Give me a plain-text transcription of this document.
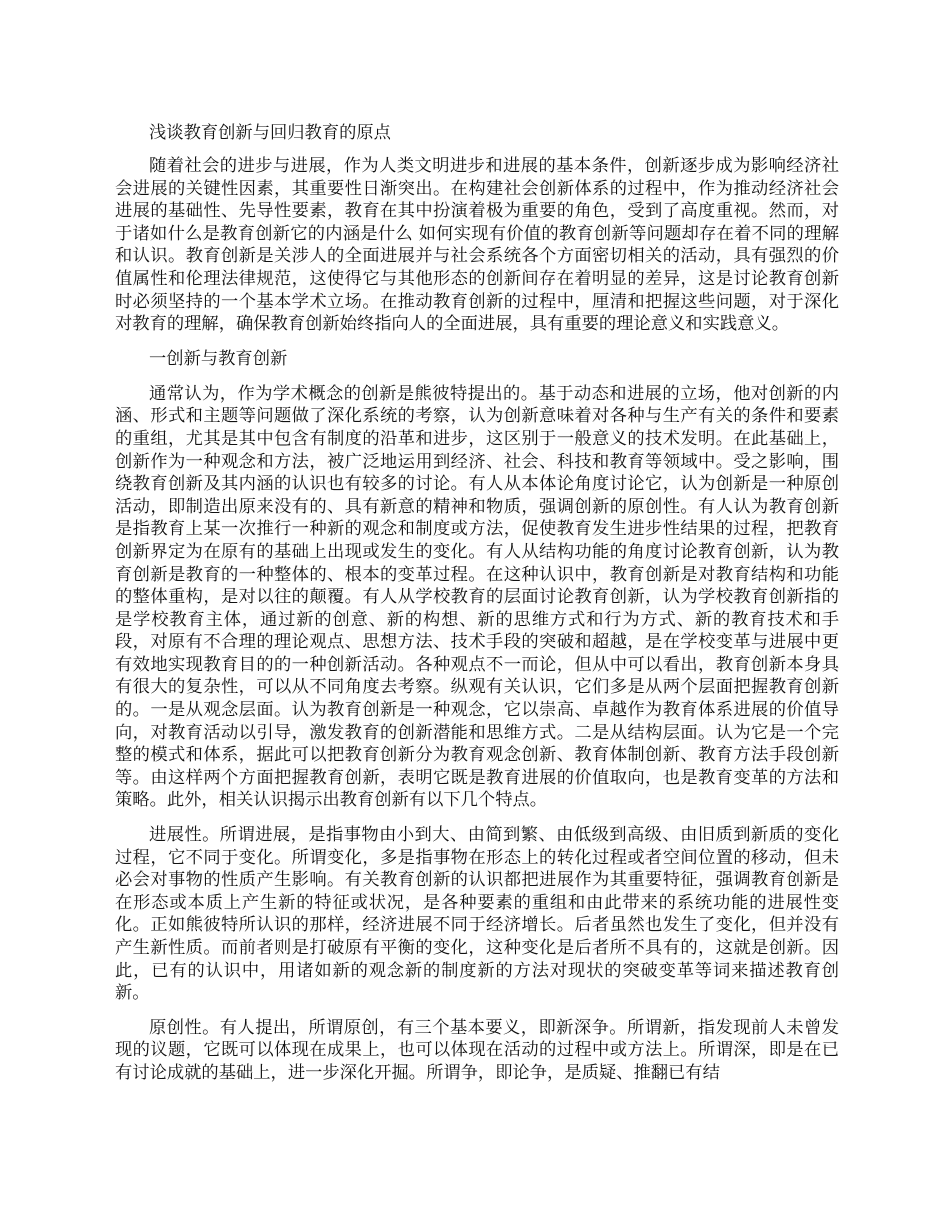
浅谈教育创新与回归教育的原点

随着社会的进步与进展，作为人类文明进步和进展的基本条件，创新逐步成为影响经济社会进展的关键性因素，其重要性日渐突出。在构建社会创新体系的过程中，作为推动经济社会进展的基础性、先导性要素，教育在其中扮演着极为重要的角色，受到了高度重视。然而，对于诸如什么是教育创新它的内涵是什么 如何实现有价值的教育创新等问题却存在着不同的理解和认识。教育创新是关涉人的全面进展并与社会系统各个方面密切相关的活动，具有强烈的价值属性和伦理法律规范，这使得它与其他形态的创新间存在着明显的差异，这是讨论教育创新时必须坚持的一个基本学术立场。在推动教育创新的过程中，厘清和把握这些问题，对于深化对教育的理解，确保教育创新始终指向人的全面进展，具有重要的理论意义和实践意义。

一创新与教育创新

通常认为，作为学术概念的创新是熊彼特提出的。基于动态和进展的立场，他对创新的内涵、形式和主题等问题做了深化系统的考察，认为创新意味着对各种与生产有关的条件和要素的重组，尤其是其中包含有制度的沿革和进步，这区别于一般意义的技术发明。在此基础上，创新作为一种观念和方法，被广泛地运用到经济、社会、科技和教育等领域中。受之影响，围绕教育创新及其内涵的认识也有较多的讨论。有人从本体论角度讨论它，认为创新是一种原创活动，即制造出原来没有的、具有新意的精神和物质，强调创新的原创性。有人认为教育创新是指教育上某一次推行一种新的观念和制度或方法，促使教育发生进步性结果的过程，把教育创新界定为在原有的基础上出现或发生的变化。有人从结构功能的角度讨论教育创新，认为教育创新是教育的一种整体的、根本的变革过程。在这种认识中，教育创新是对教育结构和功能的整体重构，是对以往的颠覆。有人从学校教育的层面讨论教育创新，认为学校教育创新指的是学校教育主体，通过新的创意、新的构想、新的思维方式和行为方式、新的教育技术和手段，对原有不合理的理论观点、思想方法、技术手段的突破和超越，是在学校变革与进展中更有效地实现教育目的的一种创新活动。各种观点不一而论，但从中可以看出，教育创新本身具有很大的复杂性，可以从不同角度去考察。纵观有关认识，它们多是从两个层面把握教育创新的。一是从观念层面。认为教育创新是一种观念，它以崇高、卓越作为教育体系进展的价值导向，对教育活动以引导，激发教育的创新潜能和思维方式。二是从结构层面。认为它是一个完整的模式和体系，据此可以把教育创新分为教育观念创新、教育体制创新、教育方法手段创新等。由这样两个方面把握教育创新，表明它既是教育进展的价值取向，也是教育变革的方法和策略。此外，相关认识揭示出教育创新有以下几个特点。

进展性。所谓进展，是指事物由小到大、由简到繁、由低级到高级、由旧质到新质的变化过程，它不同于变化。所谓变化，多是指事物在形态上的转化过程或者空间位置的移动，但未必会对事物的性质产生影响。有关教育创新的认识都把进展作为其重要特征，强调教育创新是在形态或本质上产生新的特征或状况，是各种要素的重组和由此带来的系统功能的进展性变化。正如熊彼特所认识的那样，经济进展不同于经济增长。后者虽然也发生了变化，但并没有产生新性质。而前者则是打破原有平衡的变化，这种变化是后者所不具有的，这就是创新。因此，已有的认识中，用诸如新的观念新的制度新的方法对现状的突破变革等词来描述教育创新。

原创性。有人提出，所谓原创，有三个基本要义，即新深争。所谓新，指发现前人未曾发现的议题，它既可以体现在成果上，也可以体现在活动的过程中或方法上。所谓深，即是在已有讨论成就的基础上，进一步深化开掘。所谓争，即论争，是质疑、推翻已有结
